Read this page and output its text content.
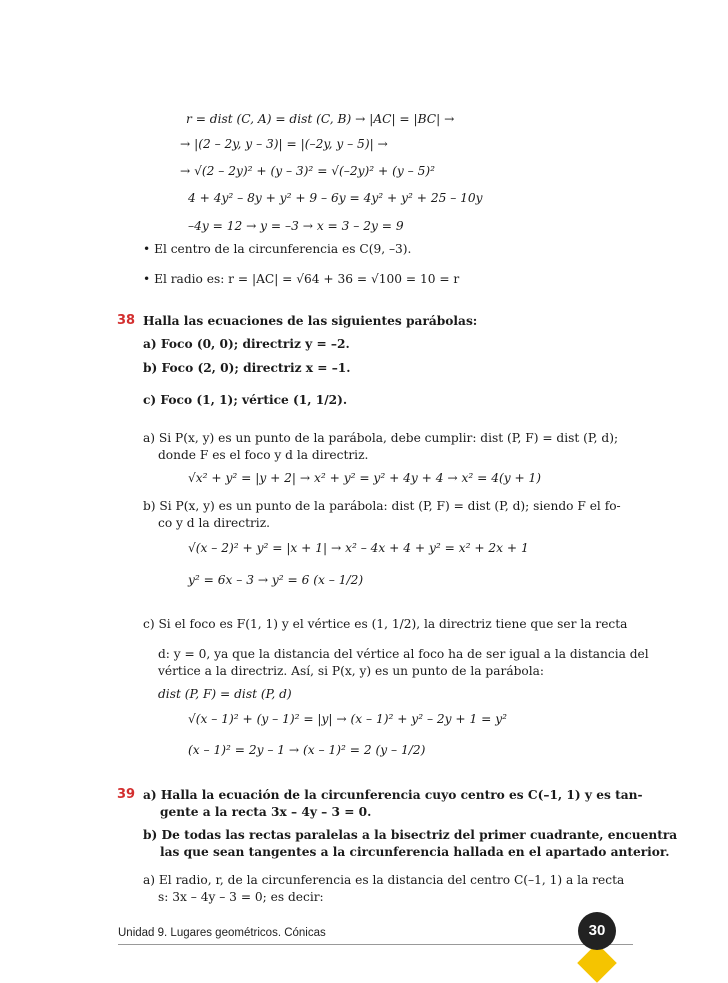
r = dist (C, A) = dist (C, B) → |AC| = |BC| →
→ |(2 – 2y, y – 3)| = |(–2y, y – 5)| →
→ √(2 – 2y)² + (y – 3)² = √(–2y)² + (y – 5)²
4 + 4y² – 8y + y² + 9 – 6y = 4y² + y² + 25 – 10y
–4y = 12 → y = –3 → x = 3 – 2y = 9
• El centro de la circunferencia es C(9, –3).
• El radio es: r = |AC| = √64 + 36 = √100 = 10 = r
38 Halla las ecuaciones de las siguientes parábolas:
a) Foco (0, 0); directriz y = –2.
b) Foco (2, 0); directriz x = –1.
c) Foco (1, 1); vértice (1, 1/2).
a) Si P(x, y) es un punto de la parábola, debe cumplir: dist (P, F) = dist (P, d);
donde F es el foco y d la directriz.
√x² + y² = |y + 2| → x² + y² = y² + 4y + 4 → x² = 4(y + 1)
b) Si P(x, y) es un punto de la parábola: dist (P, F) = dist (P, d); siendo F el fo-
co y d la directriz.
√(x – 2)² + y² = |x + 1| → x² – 4x + 4 + y² = x² + 2x + 1
y² = 6x – 3 → y² = 6 (x – 1/2)
c) Si el foco es F(1, 1) y el vértice es (1, 1/2), la directriz tiene que ser la recta
d: y = 0, ya que la distancia del vértice al foco ha de ser igual a la distancia del
vértice a la directriz. Así, si P(x, y) es un punto de la parábola:
dist (P, F) = dist (P, d)
√(x – 1)² + (y – 1)² = |y| → (x – 1)² + y² – 2y + 1 = y²
(x – 1)² = 2y – 1 → (x – 1)² = 2 (y – 1/2)
39 a) Halla la ecuación de la circunferencia cuyo centro es C(–1, 1) y es tan-
gente a la recta 3x – 4y – 3 = 0.
b) De todas las rectas paralelas a la bisectriz del primer cuadrante, encuentra
las que sean tangentes a la circunferencia hallada en el apartado anterior.
a) El radio, r, de la circunferencia es la distancia del centro C(–1, 1) a la recta
s: 3x – 4y – 3 = 0; es decir:
Unidad 9. Lugares geométricos. Cónicas	30
